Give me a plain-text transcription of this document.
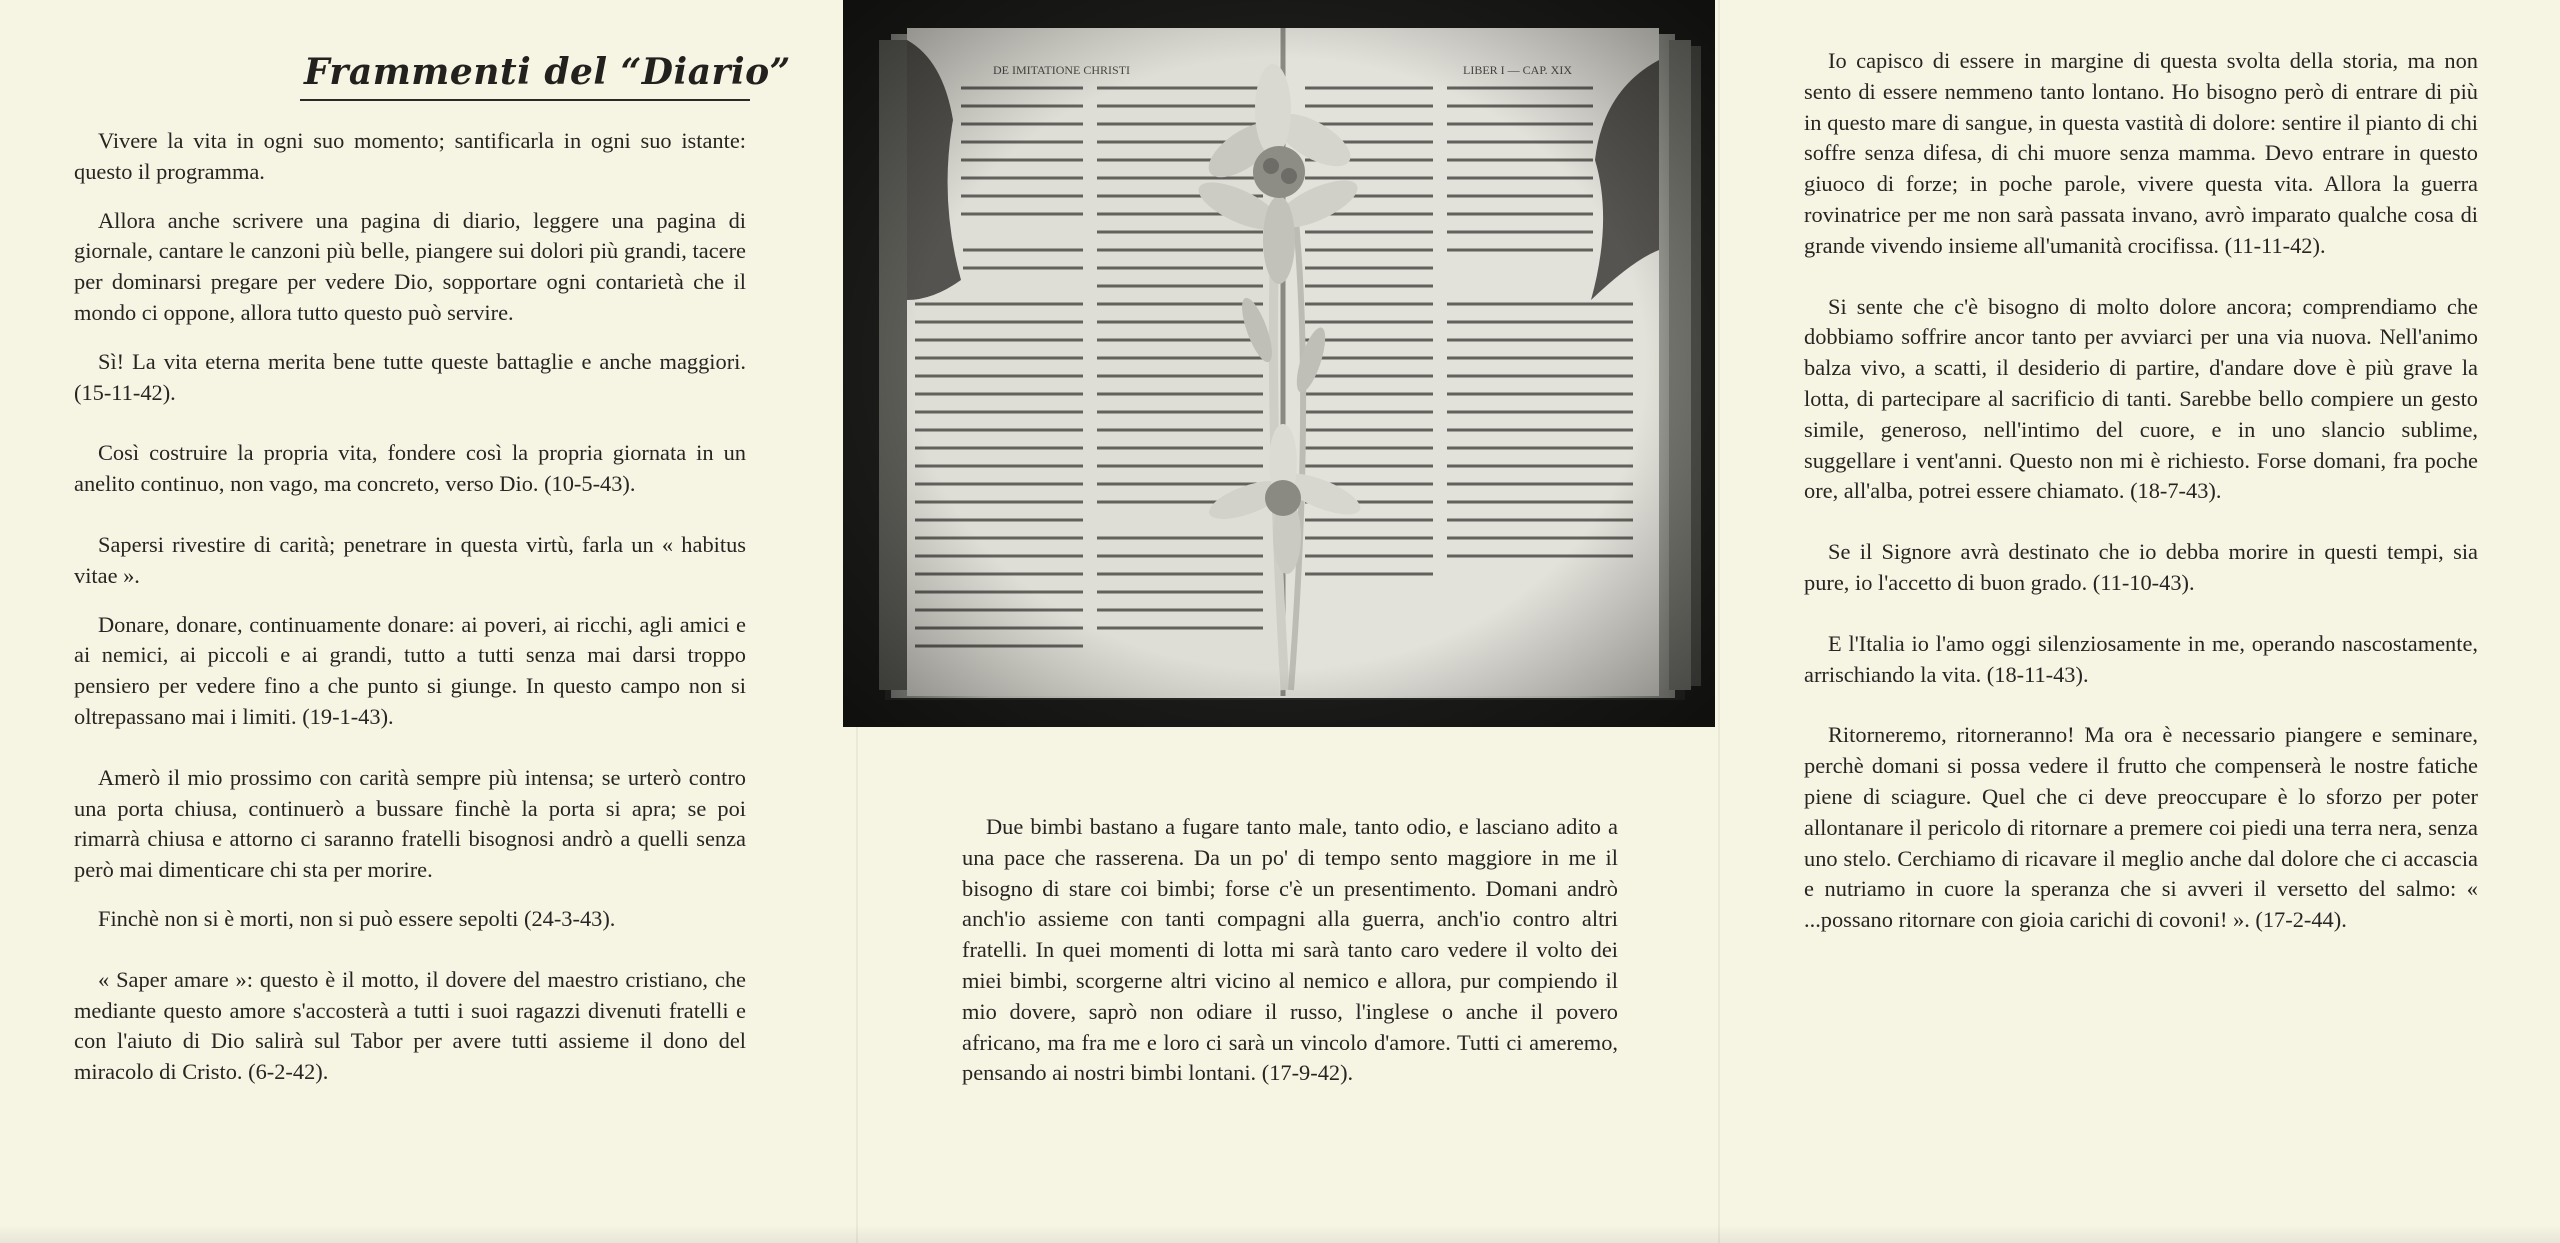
Frammenti del “Diario”

Vivere la vita in ogni suo momento; santificarla in ogni suo istante: questo il programma.

Allora anche scrivere una pagina di diario, leggere una pagina di giornale, cantare le canzoni più belle, piangere sui dolori più grandi, tacere per dominarsi pregare per vedere Dio, sopportare ogni contarietà che il mondo ci oppone, allora tutto questo può servire.

Sì! La vita eterna merita bene tutte queste battaglie e anche maggiori. (15-11-42).

Così costruire la propria vita, fondere così la propria giornata in un anelito continuo, non vago, ma concreto, verso Dio. (10-5-43).

Sapersi rivestire di carità; penetrare in questa virtù, farla un « habitus vitae ».

Donare, donare, continuamente donare: ai poveri, ai ricchi, agli amici e ai nemici, ai piccoli e ai grandi, tutto a tutti senza mai darsi troppo pensiero per vedere fino a che punto si giunge. In questo campo non si oltrepassano mai i limiti. (19-1-43).

Amerò il mio prossimo con carità sempre più intensa; se urterò contro una porta chiusa, continuerò a bussare finchè la porta si apra; se poi rimarrà chiusa e attorno ci saranno fratelli bisognosi andrò a quelli senza però mai dimenticare chi sta per morire.

Finchè non si è morti, non si può essere sepolti (24-3-43).

« Saper amare »: questo è il motto, il dovere del maestro cristiano, che mediante questo amore s'accosterà a tutti i suoi ragazzi divenuti fratelli e con l'aiuto di Dio salirà sul Tabor per avere tutti assieme il dono del miracolo di Cristo. (6-2-42).

Due bimbi bastano a fugare tanto male, tanto odio, e lasciano adito a una pace che rasserena. Da un po' di tempo sento maggiore in me il bisogno di stare coi bimbi; forse c'è un presentimento. Domani andrò anch'io assieme con tanti compagni alla guerra, anch'io contro altri fratelli. In quei momenti di lotta mi sarà tanto caro vedere il volto dei miei bimbi, scorgerne altri vicino al nemico e allora, pur compiendo il mio dovere, saprò non odiare il russo, l'inglese o anche il povero africano, ma fra me e loro ci sarà un vincolo d'amore. Tutti ci ameremo, pensando ai nostri bimbi lontani. (17-9-42).

Io capisco di essere in margine di questa svolta della storia, ma non sento di essere nemmeno tanto lontano. Ho bisogno però di entrare di più in questo mare di sangue, in questa vastità di dolore: sentire il pianto di chi soffre senza difesa, di chi muore senza mamma. Devo entrare in questo giuoco di forze; in poche parole, vivere questa vita. Allora la guerra rovinatrice per me non sarà passata invano, avrò imparato qualche cosa di grande vivendo insieme all'umanità crocifissa. (11-11-42).

Si sente che c'è bisogno di molto dolore ancora; comprendiamo che dobbiamo soffrire ancor tanto per avviarci per una via nuova. Nell'animo balza vivo, a scatti, il desiderio di partire, d'andare dove è più grave la lotta, di partecipare al sacrificio di tanti. Sarebbe bello compiere un gesto simile, generoso, nell'intimo del cuore, e in uno slancio sublime, suggellare i vent'anni. Questo non mi è richiesto. Forse domani, fra poche ore, all'alba, potrei essere chiamato. (18-7-43).

Se il Signore avrà destinato che io debba morire in questi tempi, sia pure, io l'accetto di buon grado. (11-10-43).

E l'Italia io l'amo oggi silenziosamente in me, operando nascostamente, arrischiando la vita. (18-11-43).

Ritorneremo, ritorneranno! Ma ora è necessario piangere e seminare, perchè domani si possa vedere il frutto che compenserà le nostre fatiche piene di sciagure. Quel che ci deve preoccupare è lo sforzo per poter allontanare il pericolo di ritornare a premere coi piedi una terra nera, senza uno stelo. Cerchiamo di ricavare il meglio anche dal dolore che ci accascia e nutriamo in cuore la speranza che si avveri il versetto del salmo: « ...possano ritornare con gioia carichi di covoni! ». (17-2-44).
